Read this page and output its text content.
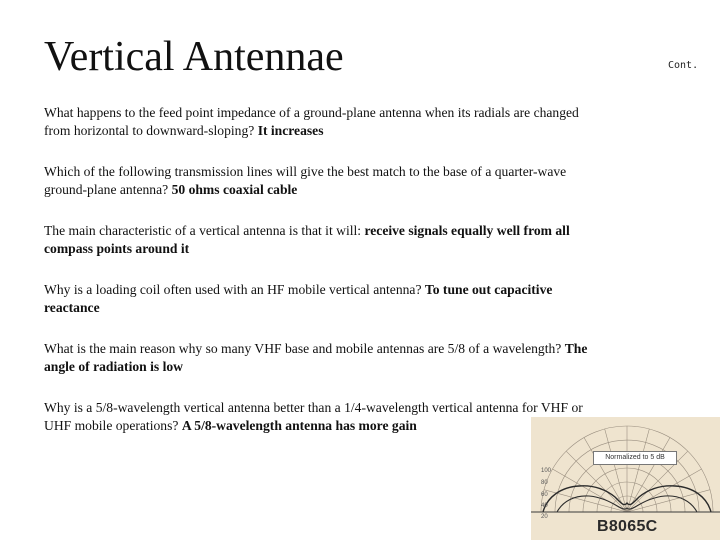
Vertical Antennae	Cont.

What happens to the feed point impedance of a ground-plane antenna when its radials are changed from horizontal to downward-sloping? It increases

Which of the following transmission lines will give the best match to the base of a quarter-wave ground-plane antenna? 50 ohms coaxial cable

The main characteristic of a vertical antenna is that it will: receive signals equally well from all compass points around it

Why is a loading coil often used with an HF mobile vertical antenna? To tune out capacitive reactance

What is the main reason why so many VHF base and mobile antennas are 5/8 of a wavelength? The angle of radiation is low

Why is a 5/8-wavelength vertical antenna better than a 1/4-wavelength vertical antenna for VHF or UHF mobile operations? A 5/8-wavelength antenna has more gain

100
80
60
40
20
Normalized to 5 dB
B8065C
